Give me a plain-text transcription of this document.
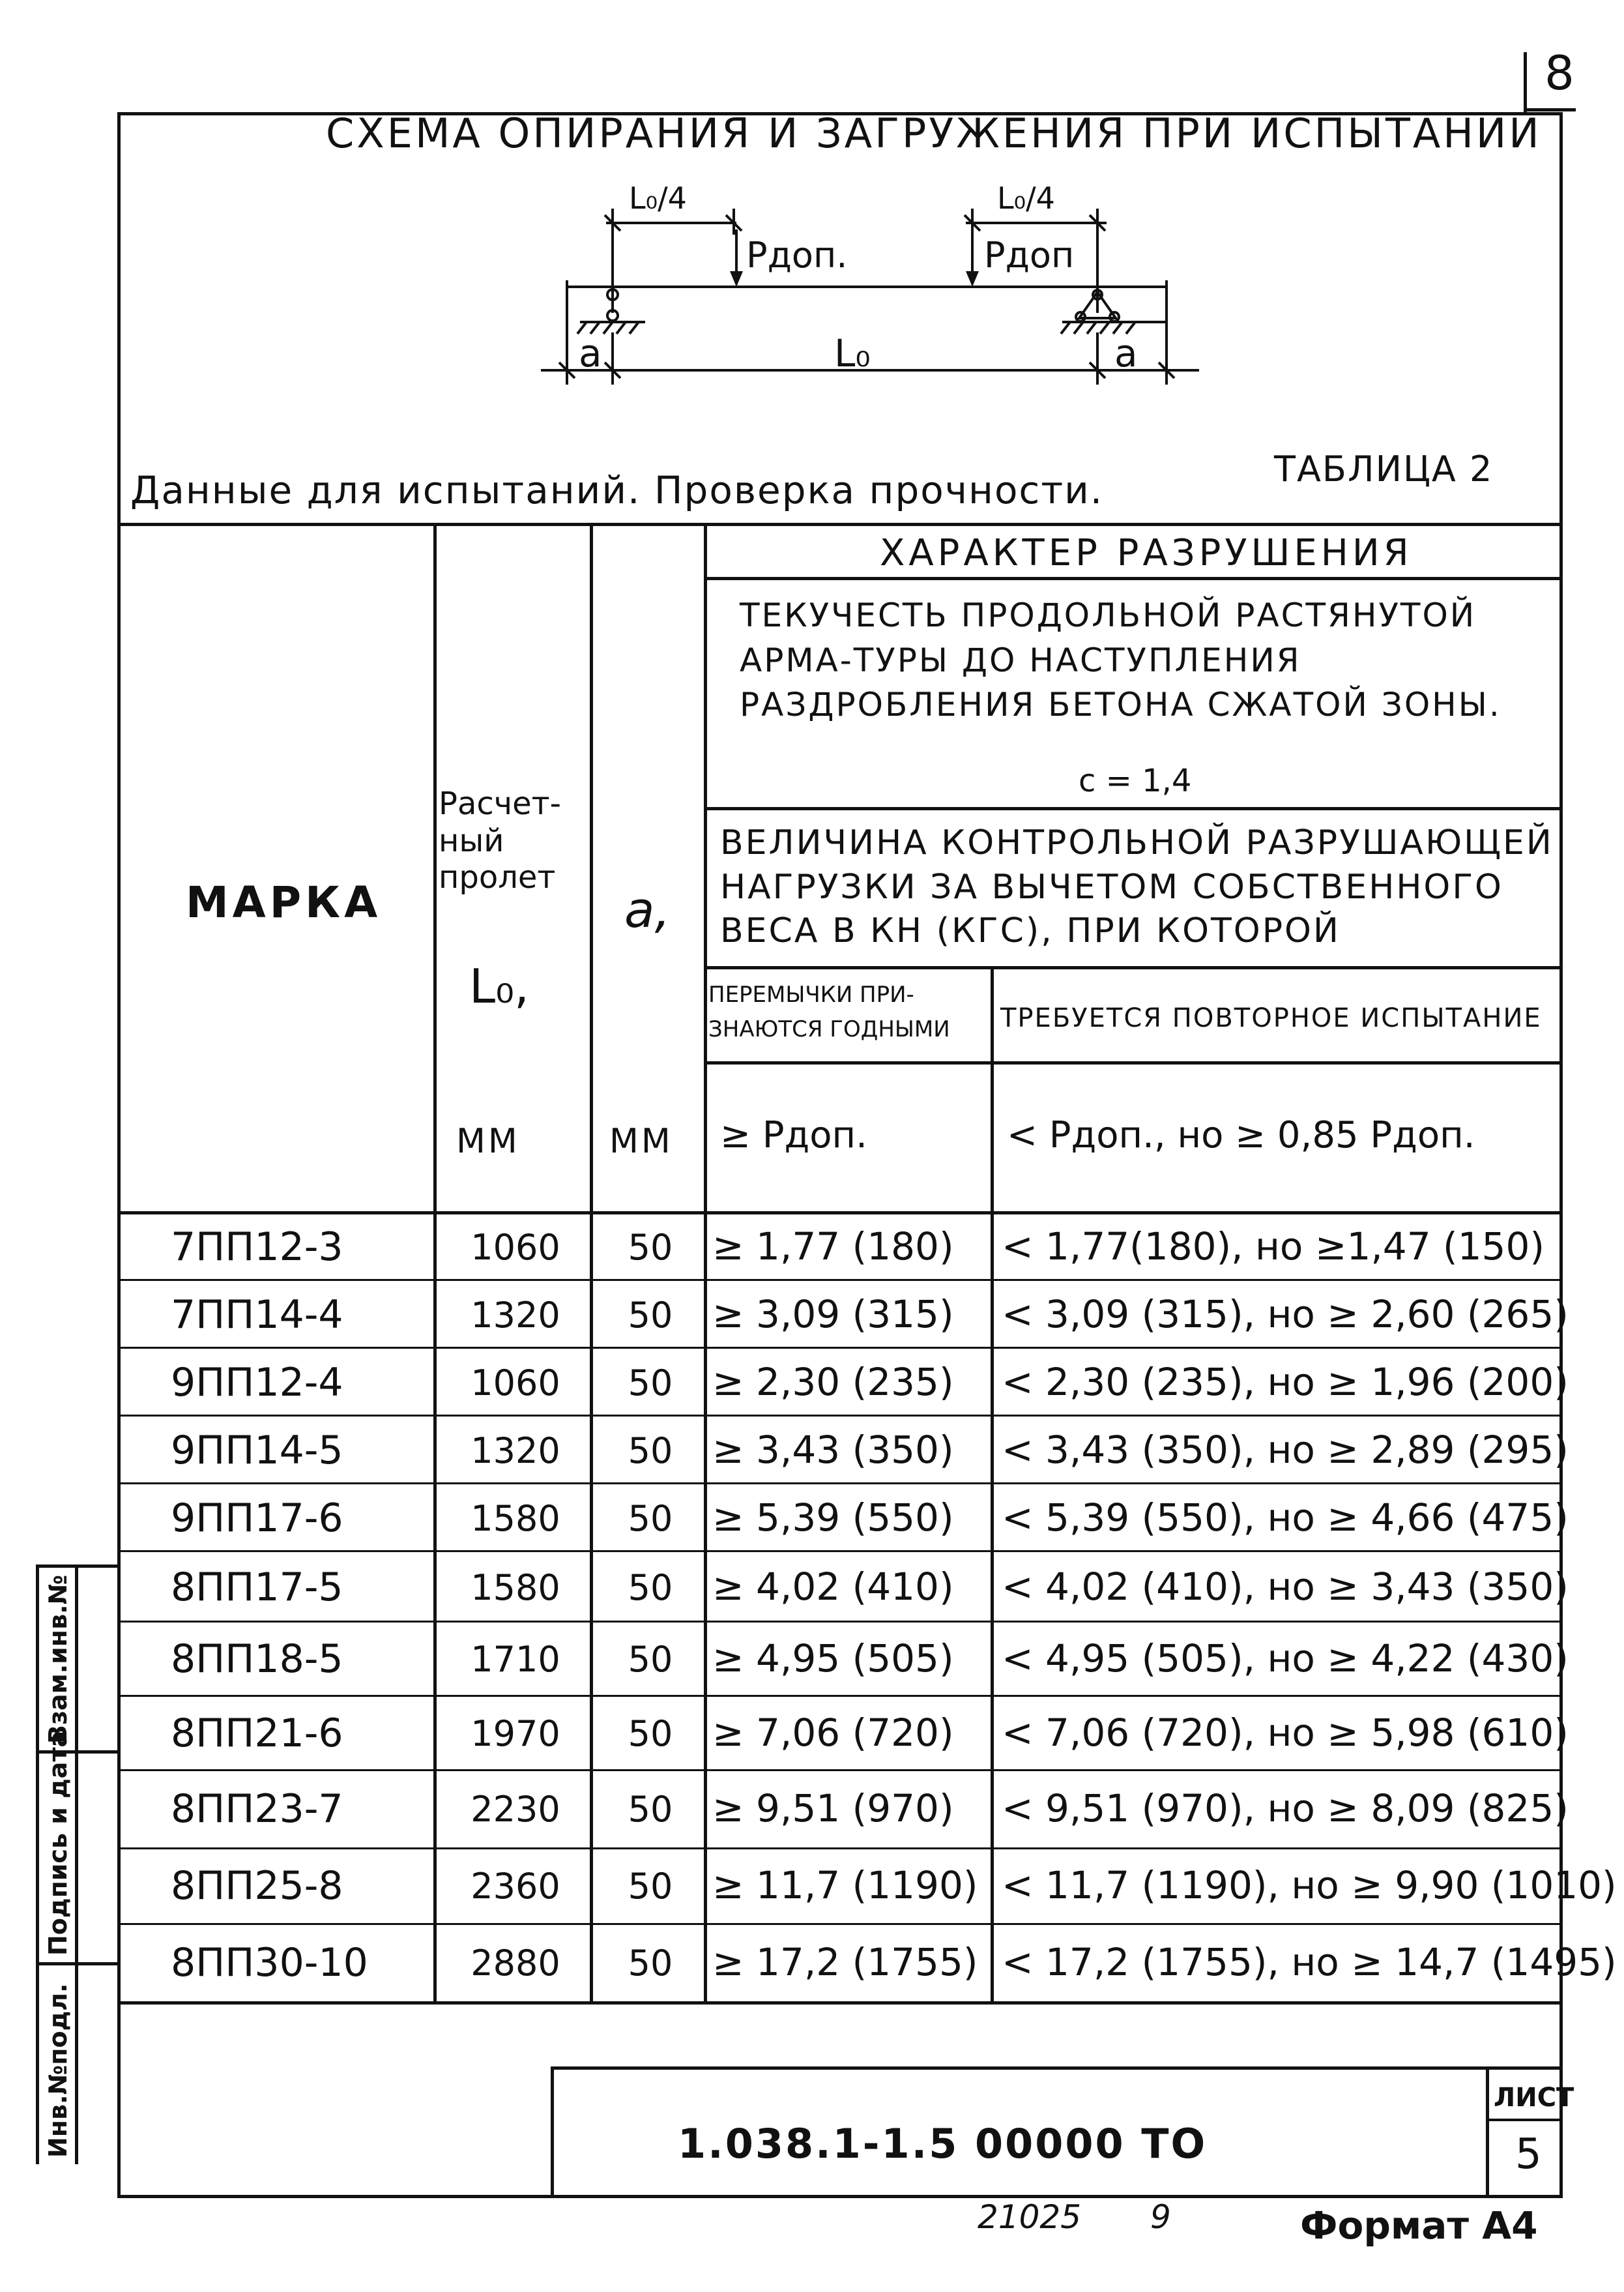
8
СХЕМА ОПИРАНИЯ И ЗАГРУЖЕНИЯ ПРИ ИСПЫТАНИИ
L₀/4	L₀/4
Pдоп.	Pдоп
a	L₀	a
Данные для испытаний. Проверка прочности.	ТАБЛИЦА 2
МАРКА
Расчет-
ный
пролет
L₀,
a,
ММ	ММ
ХАРАКТЕР РАЗРУШЕНИЯ
ТЕКУЧЕСТЬ ПРОДОЛЬНОЙ РАСТЯНУТОЙ АРМА-ТУРЫ ДО НАСТУПЛЕНИЯ РАЗДРОБЛЕНИЯ БЕТОНА СЖАТОЙ ЗОНЫ.
c = 1,4
ВЕЛИЧИНА КОНТРОЛЬНОЙ РАЗРУШАЮЩЕЙ НАГРУЗКИ ЗА ВЫЧЕТОМ СОБСТВЕННОГО ВЕСА В КН (КГС), ПРИ КОТОРОЙ
ПЕРЕМЫЧКИ ПРИ-ЗНАЮТСЯ ГОДНЫМИ	ТРЕБУЕТСЯ ПОВТОРНОЕ ИСПЫТАНИЕ
≥ Pдоп.	< Pдоп., но ≥ 0,85 Pдоп.
7ПП12-3	1060	50	≥ 1,77 (180)	< 1,77(180), но ≥1,47 (150)
7ПП14-4	1320	50	≥ 3,09 (315)	< 3,09 (315), но ≥ 2,60 (265)
9ПП12-4	1060	50	≥ 2,30 (235)	< 2,30 (235), но ≥ 1,96 (200)
9ПП14-5	1320	50	≥ 3,43 (350)	< 3,43 (350), но ≥ 2,89 (295)
9ПП17-6	1580	50	≥ 5,39 (550)	< 5,39 (550), но ≥ 4,66 (475)
8ПП17-5	1580	50	≥ 4,02 (410)	< 4,02 (410), но ≥ 3,43 (350)
8ПП18-5	1710	50	≥ 4,95 (505)	< 4,95 (505), но ≥ 4,22 (430)
8ПП21-6	1970	50	≥ 7,06 (720)	< 7,06 (720), но ≥ 5,98 (610)
8ПП23-7	2230	50	≥ 9,51 (970)	< 9,51 (970), но ≥ 8,09 (825)
8ПП25-8	2360	50	≥ 11,7 (1190) < 11,7 (1190), но ≥ 9,90 (1010)
8ПП30-10	2880	50	≥ 17,2 (1755) < 17,2 (1755), но ≥ 14,7 (1495)
Взам.инв.№
Подпись и дата
Инв.№подл.	1.038.1-1.5 00000 ТО
ЛИСТ
5
21025 9	Формат А4
